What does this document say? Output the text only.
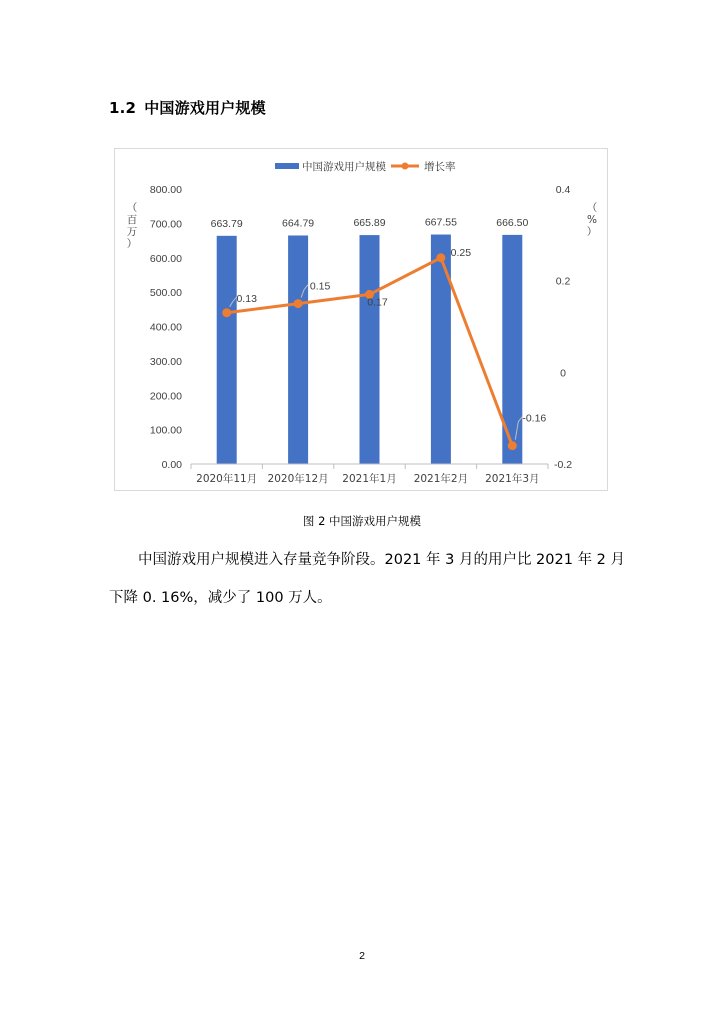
1.2 中国游戏用户规模
中国游戏用户规模	增长率
0.00
100.00
200.00
300.00
400.00
500.00
600.00
700.00
800.00
-0.2
0
0.2
0.4
（百万）
（%）
663.79	664.79	665.89	667.55	666.50
2020年11月 2020年12月 2021年1月 2021年2月 2021年3月
0.13
0.15
0.17
0.25
-0.16
图 2 中国游戏用户规模
中国游戏用户规模进入存量竞争阶段。2021 年 3 月的用户比 2021 年 2 月
下降 0. 16%，减少了 100 万人。
2
